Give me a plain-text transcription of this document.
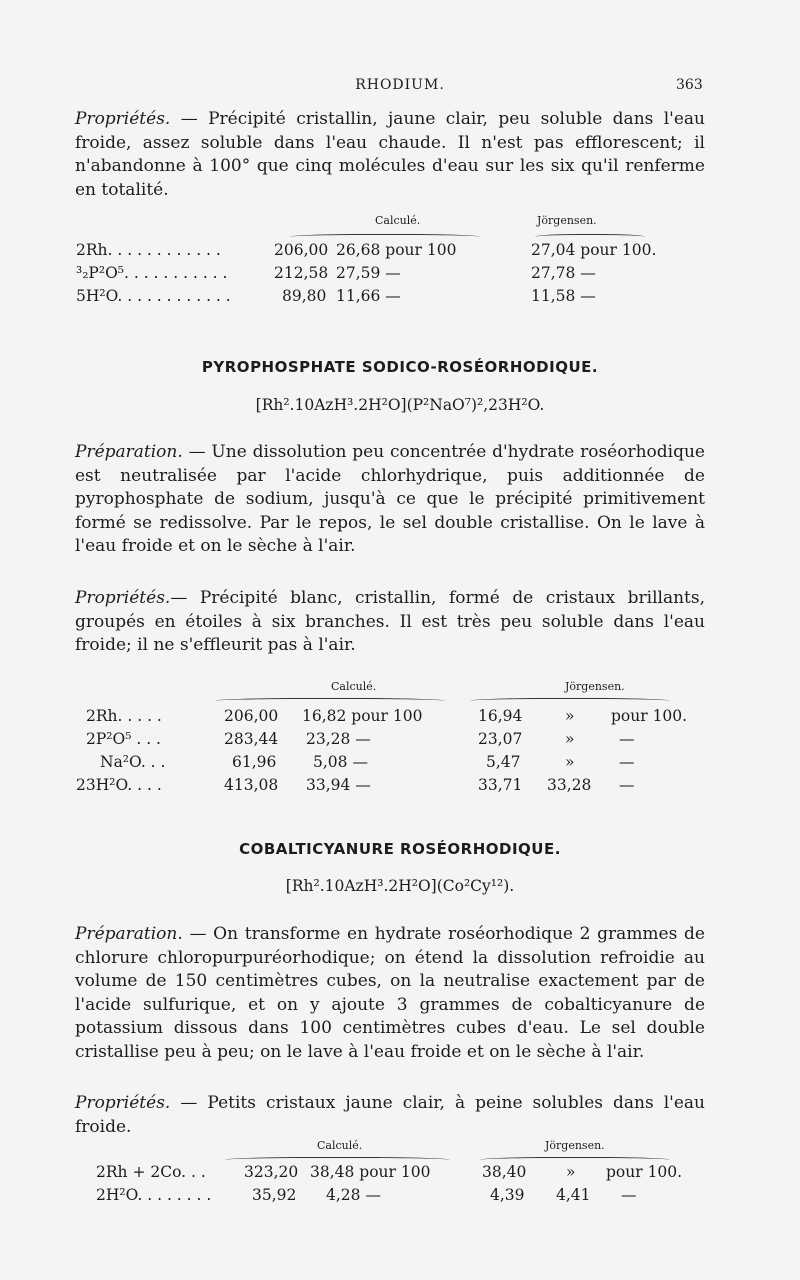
RHODIUM.	363

Propriétés. — Précipité cristallin, jaune clair, peu soluble dans l'eau froide, assez soluble dans l'eau chaude. Il n'est pas efflorescent; il n'abandonne à 100° que cinq molécules d'eau sur les six qu'il renferme en totalité.

Calculé.	Jörgensen.
2Rh. . . . . . . . . . . .	206,00 26,68 pour 100	27,04 pour 100.
³₂P²O⁵. . . . . . . . . . .	212,58 27,59 —	27,78 —
5H²O. . . . . . . . . . . .	89,80 11,66 —	11,58 —
PYROPHOSPHATE SODICO-ROSÉORHODIQUE.
[Rh².10AzH³.2H²O](P²NaO⁷)²,23H²O.

Préparation. — Une dissolution peu concentrée d'hydrate roséorhodique est neutralisée par l'acide chlorhydrique, puis additionnée de pyrophosphate de sodium, jusqu'à ce que le précipité primitivement formé se redissolve. Par le repos, le sel double cristallise. On le lave à l'eau froide et on le sèche à l'air.

Propriétés.— Précipité blanc, cristallin, formé de cristaux brillants, groupés en étoiles à six branches. Il est très peu soluble dans l'eau froide; il ne s'effleurit pas à l'air.

Calculé.	Jörgensen.
2Rh. . . . .	206,00 16,82 pour 100	16,94	» pour 100.
2P²O⁵ . . .	283,44 23,28 —	23,07	»	—
Na²O. . .	61,96 5,08 —	5,47	»	—
23H²O. . . .	413,08 33,94 —	33,71 33,28 —
COBALTICYANURE ROSÉORHODIQUE.
[Rh².10AzH³.2H²O](Co²Cy¹²).

Préparation. — On transforme en hydrate roséorhodique 2 grammes de chlorure chloropurpuréorhodique; on étend la dissolution refroidie au volume de 150 centimètres cubes, on la neutralise exactement par de l'acide sulfurique, et on y ajoute 3 grammes de cobalticyanure de potassium dissous dans 100 centimètres cubes d'eau. Le sel double cristallise peu à peu; on le lave à l'eau froide et on le sèche à l'air.

Propriétés. — Petits cristaux jaune clair, à peine solubles dans l'eau froide.

Calculé.	Jörgensen.
2Rh + 2Co. . . 323,20 38,48 pour 100	38,40	» pour 100.
2H²O. . . . . . . .	35,92 4,28 —	4,39 4,41 —
